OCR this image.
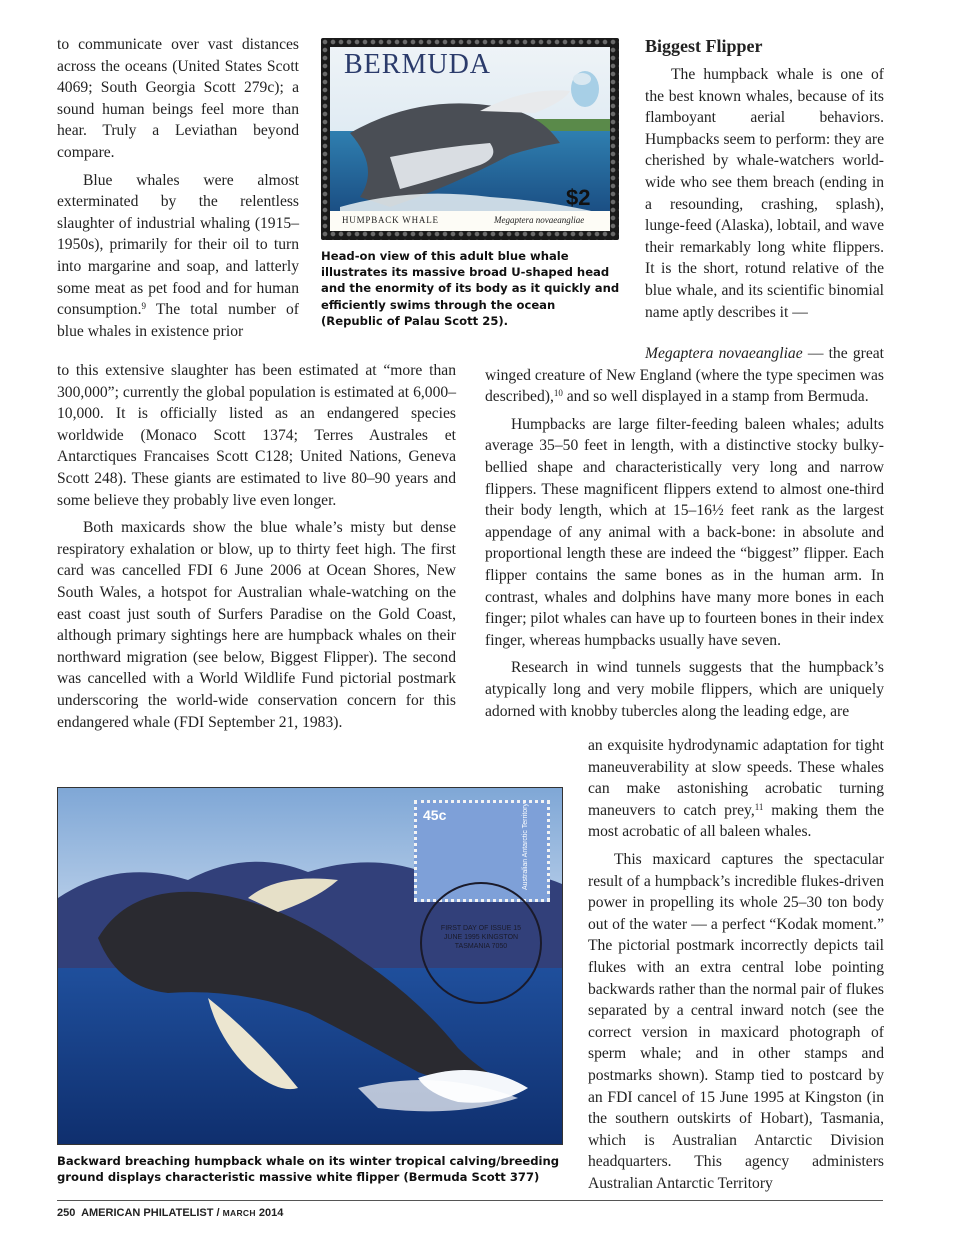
to communicate over vast distances across the oceans (United States Scott 4069; South Georgia Scott 279c); a sound human beings feel more than hear. Truly a Leviathan beyond compare.

Blue whales were almost exterminated by the relentless slaughter of industrial whaling (1915–1950s), primarily for their oil to turn into margarine and soap, and latterly some meat as pet food and for human consumption.$^9$ The total number of blue whales in existence prior

to this extensive slaughter has been estimated at “more than 300,000”; currently the global population is estimated at 6,000–10,000. It is officially listed as an endangered species worldwide (Monaco Scott 1374; Terres Australes et Antarctiques Francaises Scott C128; United Nations, Geneva Scott 248). These giants are estimated to live 80–90 years and some believe they probably live even longer.

Both maxicards show the blue whale’s misty but dense respiratory exhalation or blow, up to thirty feet high. The first card was cancelled FDI 6 June 2006 at Ocean Shores, New South Wales, a hotspot for Australian whale-watching on the east coast just south of Surfers Paradise on the Gold Coast, although primary sightings here are humpback whales on their northward migration (see below, Biggest Flipper). The second was cancelled with a World Wildlife Fund pictorial postmark underscoring the world-wide conservation concern for this endangered whale (FDI September 21, 1983).

BERMUDA
$2
HUMPBACK WHALE	Megaptera novaeangliae
Head-on view of this adult blue whale illustrates its massive broad U-shaped head and the enormity of its body as it quickly and efficiently swims through the ocean (Republic of Palau Scott 25).
Biggest Flipper

The humpback whale is one of the best known whales, because of its flamboyant aerial behaviors. Humpbacks seem to perform: they are cherished by whale-watchers world-wide who see them breach (ending in a resounding, crashing, splash), lunge-feed (Alaska), lobtail, and wave their remarkably long white flippers. It is the short, rotund relative of the blue whale, and its scientific binomial name aptly describes it —

Megaptera novaeangliae — the great winged creature of New England (where the type specimen was described),$^{10}$ and so well displayed in a stamp from Bermuda.

Humpbacks are large filter-feeding baleen whales; adults average 35–50 feet in length, with a distinctive stocky bulky-bellied shape and characteristically very long and narrow flippers. These magnificent flippers extend to almost one-third their body length, which at 15–16½ feet rank as the largest appendage of any animal with a back-bone: in absolute and proportional length these are indeed the “biggest” flipper. Each flipper contains the same bones as in the human arm. In contrast, whales and dolphins have many more bones in each finger; pilot whales can have up to fourteen bones in their index finger, whereas humpbacks usually have seven.

Research in wind tunnels suggests that the humpback’s atypically long and very mobile flippers, which are uniquely adorned with knobby tubercles along the leading edge, are

an exquisite hydrodynamic adaptation for tight maneuverability at slow speeds. These whales can make astonishing acrobatic turning maneuvers to catch prey,$^{11}$ making them the most acrobatic of all baleen whales.

This maxicard captures the spectacular result of a humpback’s incredible flukes-driven power in propelling its whole 25–30 ton body out of the water — a perfect “Kodak moment.” The pictorial postmark incorrectly depicts tail flukes with an extra central lobe pointing backwards rather than the normal pair of flukes separated by a central inward notch (see the correct version in maxicard photograph of sperm whale; and in other stamps and postmarks shown). Stamp tied to postcard by an FDI cancel of 15 June 1995 at Kingston (in the southern outskirts of Hobart), Tasmania, which is Australian Antarctic Division headquarters. This agency administers Australian Antarctic Territory

45c	Australian Antarctic Territory
FIRST DAY OF ISSUE 15 JUNE 1995 KINGSTON TASMANIA 7050
Backward breaching humpback whale on its winter tropical calving/breeding ground displays characteristic massive white flipper (Bermuda Scott 377)
250 AMERICAN PHILATELIST / MARCH 2014
